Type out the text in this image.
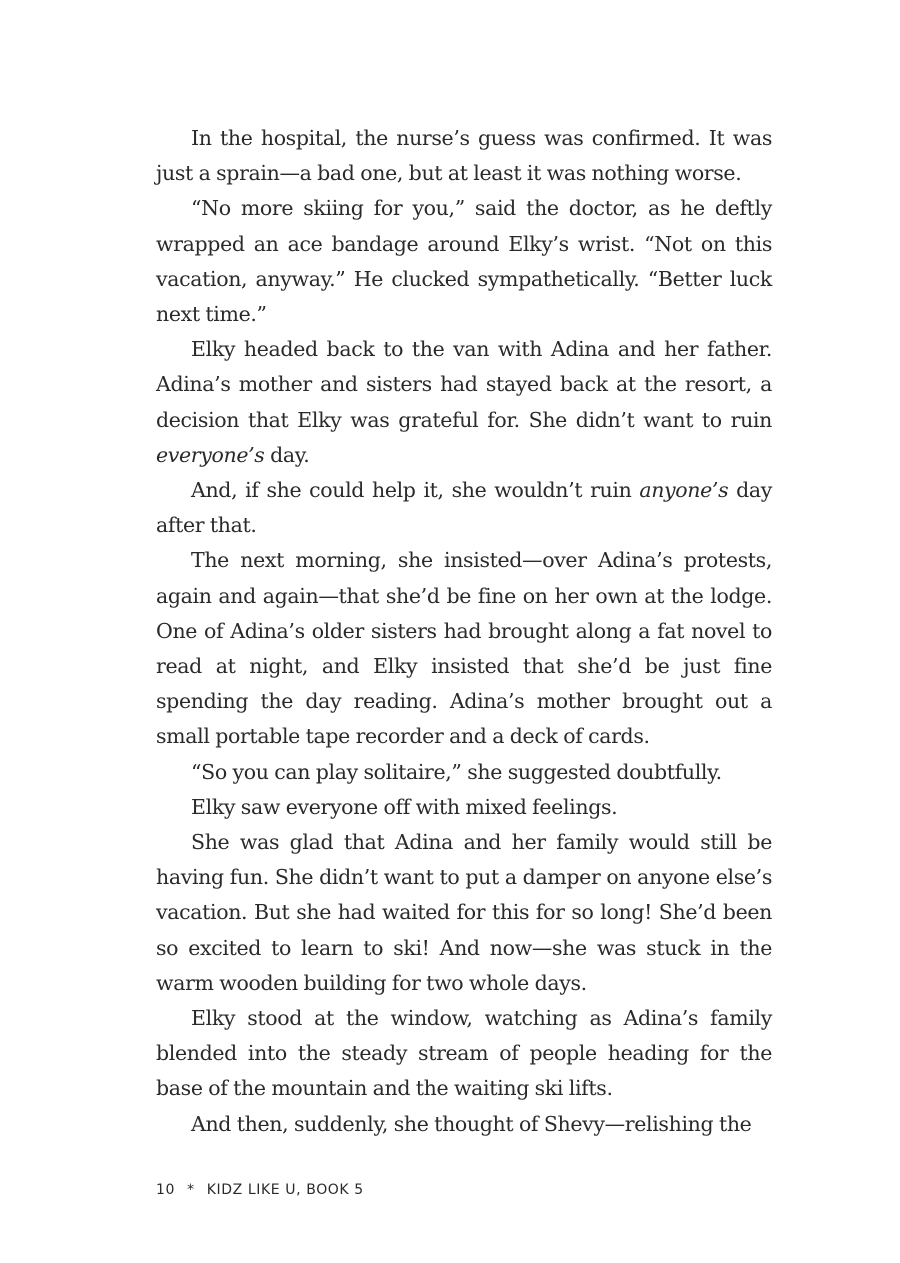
In the hospital, the nurse’s guess was confirmed. It was just a sprain—a bad one, but at least it was nothing worse.

“No more skiing for you,” said the doctor, as he deftly wrapped an ace bandage around Elky’s wrist. “Not on this vacation, anyway.” He clucked sympathetically. “Better luck next time.”

Elky headed back to the van with Adina and her father. Adina’s mother and sisters had stayed back at the resort, a decision that Elky was grateful for. She didn’t want to ruin everyone’s day.

And, if she could help it, she wouldn’t ruin anyone’s day after that.

The next morning, she insisted—over Adina’s protests, again and again—that she’d be fine on her own at the lodge. One of Adina’s older sisters had brought along a fat novel to read at night, and Elky insisted that she’d be just fine spending the day reading. Adina’s mother brought out a small portable tape recorder and a deck of cards.

“So you can play solitaire,” she suggested doubtfully.

Elky saw everyone off with mixed feelings.

She was glad that Adina and her family would still be having fun. She didn’t want to put a damper on anyone else’s vacation. But she had waited for this for so long! She’d been so excited to learn to ski! And now—she was stuck in the warm wooden building for two whole days.

Elky stood at the window, watching as Adina’s family blended into the steady stream of people heading for the base of the mountain and the waiting ski lifts.

And then, suddenly, she thought of Shevy—relishing the

10 * KIDZ LIKE U, BOOK 5
